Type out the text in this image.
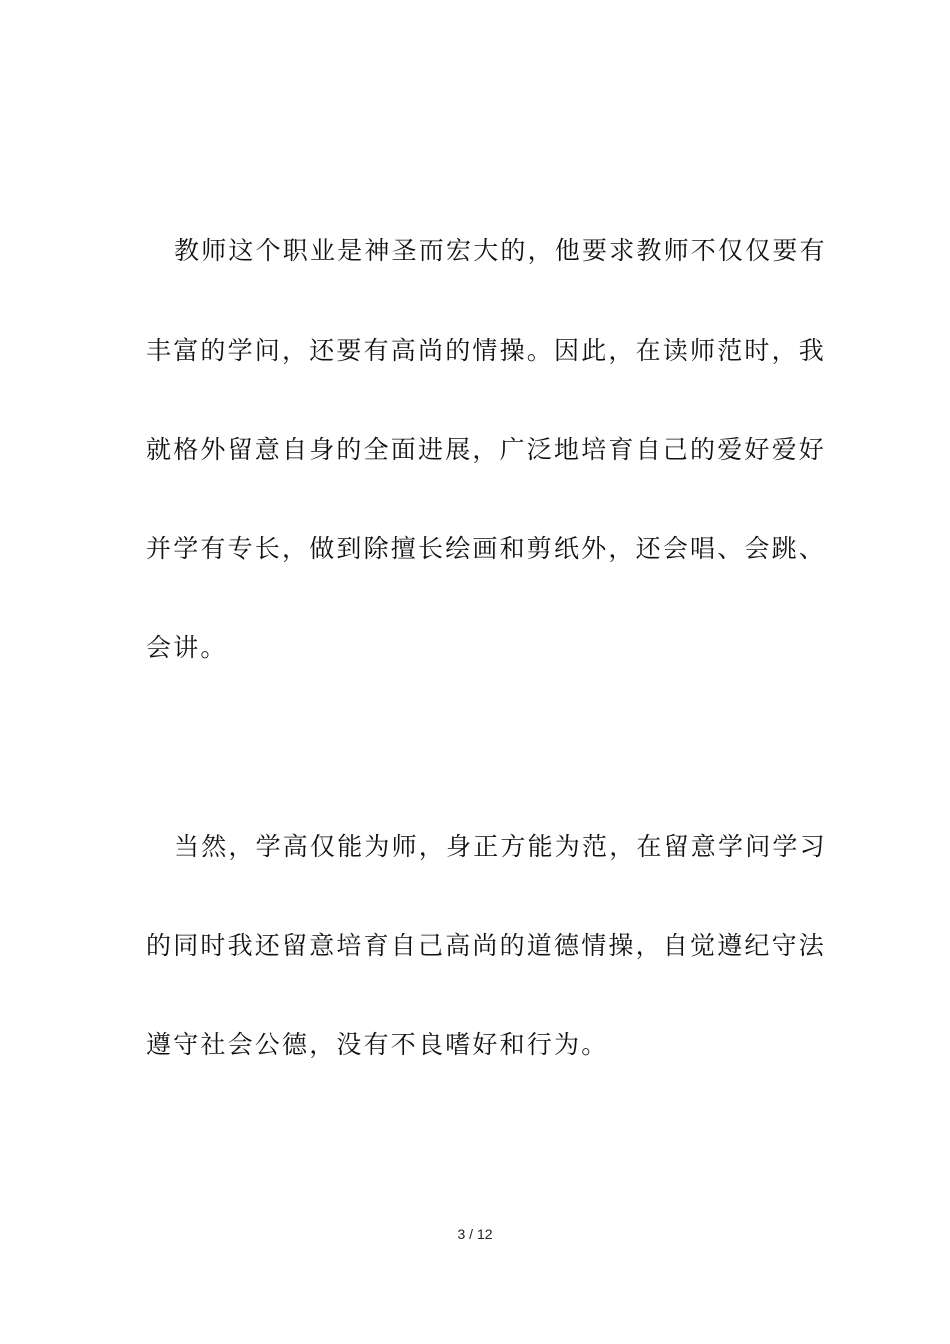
教师这个职业是神圣而宏大的，他要求教师不仅仅要有
丰富的学问，还要有高尚的情操。因此，在读师范时，我
就格外留意自身的全面进展，广泛地培育自己的爱好爱好
并学有专长，做到除擅长绘画和剪纸外，还会唱、会跳、
会讲。
当然，学高仅能为师，身正方能为范，在留意学问学习
的同时我还留意培育自己高尚的道德情操，自觉遵纪守法
遵守社会公德，没有不良嗜好和行为。
3 / 12
